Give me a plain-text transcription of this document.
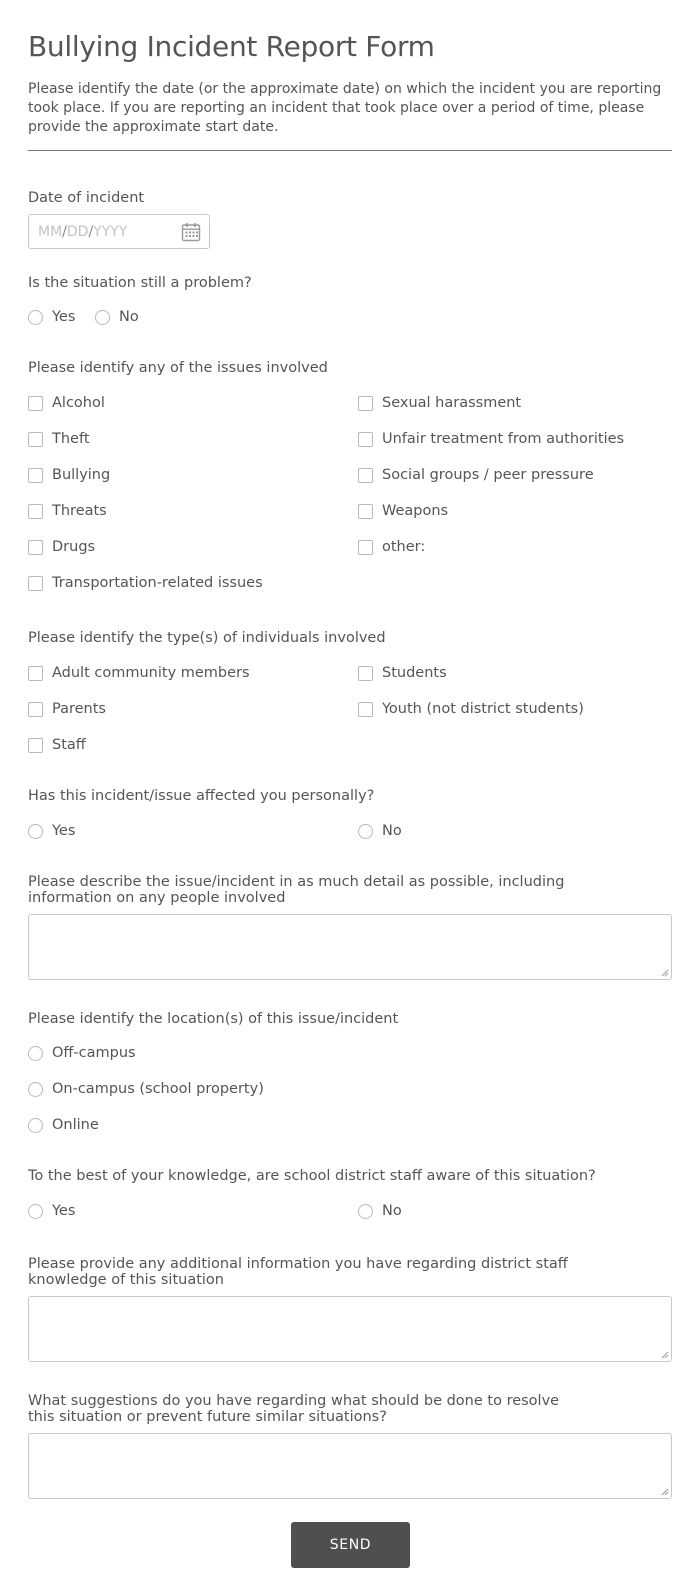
Bullying Incident Report Form
Please identify the date (or the approximate date) on which the incident you are reporting took place. If you are reporting an incident that took place over a period of time, please provide the approximate start date.
Date of incident
MM / DD / YYYY
Is the situation still a problem?
Yes	No
Please identify any of the issues involved
Alcohol
Theft
Bullying
Threats
Drugs
Transportation-related issues
Sexual harassment
Unfair treatment from authorities
Social groups / peer pressure
Weapons
other:
Please identify the type(s) of individuals involved
Adult community members
Parents
Staff
Students
Youth (not district students)
Has this incident/issue affected you personally?
Yes	No
Please describe the issue/incident in as much detail as possible, including information on any people involved
Please identify the location(s) of this issue/incident
Off-campus
On-campus (school property)
Online
To the best of your knowledge, are school district staff aware of this situation?
Yes	No
Please provide any additional information you have regarding district staff knowledge of this situation
What suggestions do you have regarding what should be done to resolve this situation or prevent future similar situations?
SEND
